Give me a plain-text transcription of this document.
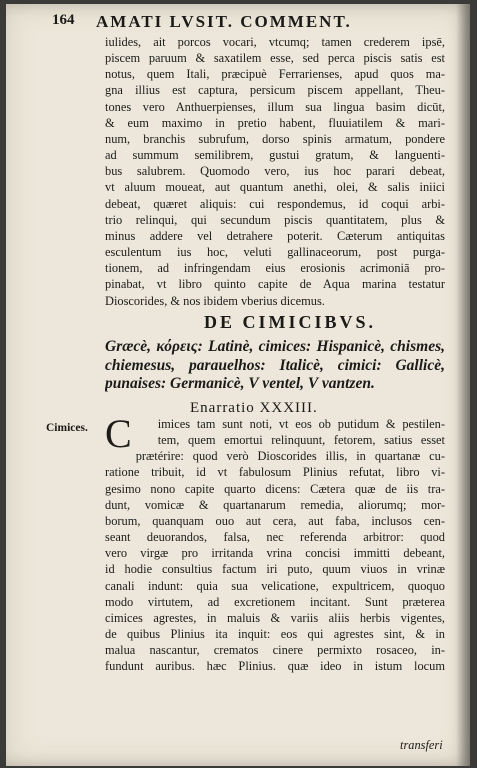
164 AMATI LVSIT. COMMENT.
iulides, ait porcos vocari, vtcumq; tamen crederem ipsē,
piscem paruum & saxatilem esse, sed perca piscis satis est
notus, quem Itali, præcipuè Ferrarienses, apud quos ma-
gna illius est captura, persicum piscem appellant, Theu-
tones vero Anthuerpienses, illum sua lingua basim dicūt,
& eum maximo in pretio habent, fluuiatilem & mari-
num, branchis subrufum, dorso spinis armatum, pondere
ad summum semilibrem, gustui gratum, & languenti-
bus salubrem. Quomodo vero, ius hoc parari debeat,
vt aluum moueat, aut quantum anethi, olei, & salis iniici
debeat, quæret aliquis: cui respondemus, id coqui arbi-
trio relinqui, qui secundum piscis quantitatem, plus &
minus addere vel detrahere poterit. Cæterum antiquitas
esculentum ius hoc, veluti gallinaceorum, post purga-
tionem, ad infringendam eius erosionis acrimoniā pro-
pinabat, vt libro quinto capite de Aqua marina testatur
Dioscorides, & nos ibidem vberius dicemus.
DE CIMICIBVS.
Græcè, κόρεις: Latinè, cimices: Hispanicè, chismes,
chiemesus, parauelhos: Italicè, cimici: Gallicè,
punaises: Germanicè, V ventel, V vantzen.
Enarratio XXXIII.
Cimices. C	imices tam sunt noti, vt eos ob putidum & pestilen-
tem, quem emortui relinquunt, fetorem, satius esset
prætérire: quod verò Dioscorides illis, in quartanæ cu-
ratione tribuit, id vt fabulosum Plinius refutat, libro vi-
gesimo nono capite quarto dicens: Cætera quæ de iis tra-
dunt, vomicæ & quartanarum remedia, aliorumq; mor-
borum, quanquam ouo aut cera, aut faba, inclusos cen-
seant deuorandos, falsa, nec referenda arbitror: quod
vero virgæ pro irritanda vrina concisi immitti debeant,
id hodie consultius factum iri puto, quum viuos in vrinæ
canali indunt: quia sua velicatione, expultricem, quoquo
modo virtutem, ad excretionem incitant. Sunt præterea
cimices agrestes, in maluis & variis aliis herbis vigentes,
de quibus Plinius ita inquit: eos qui agrestes sint, & in
malua nascantur, crematos cinere permixto rosaceo, in-
fundunt auribus. hæc Plinius. quæ ideo in istum locum
transferi
